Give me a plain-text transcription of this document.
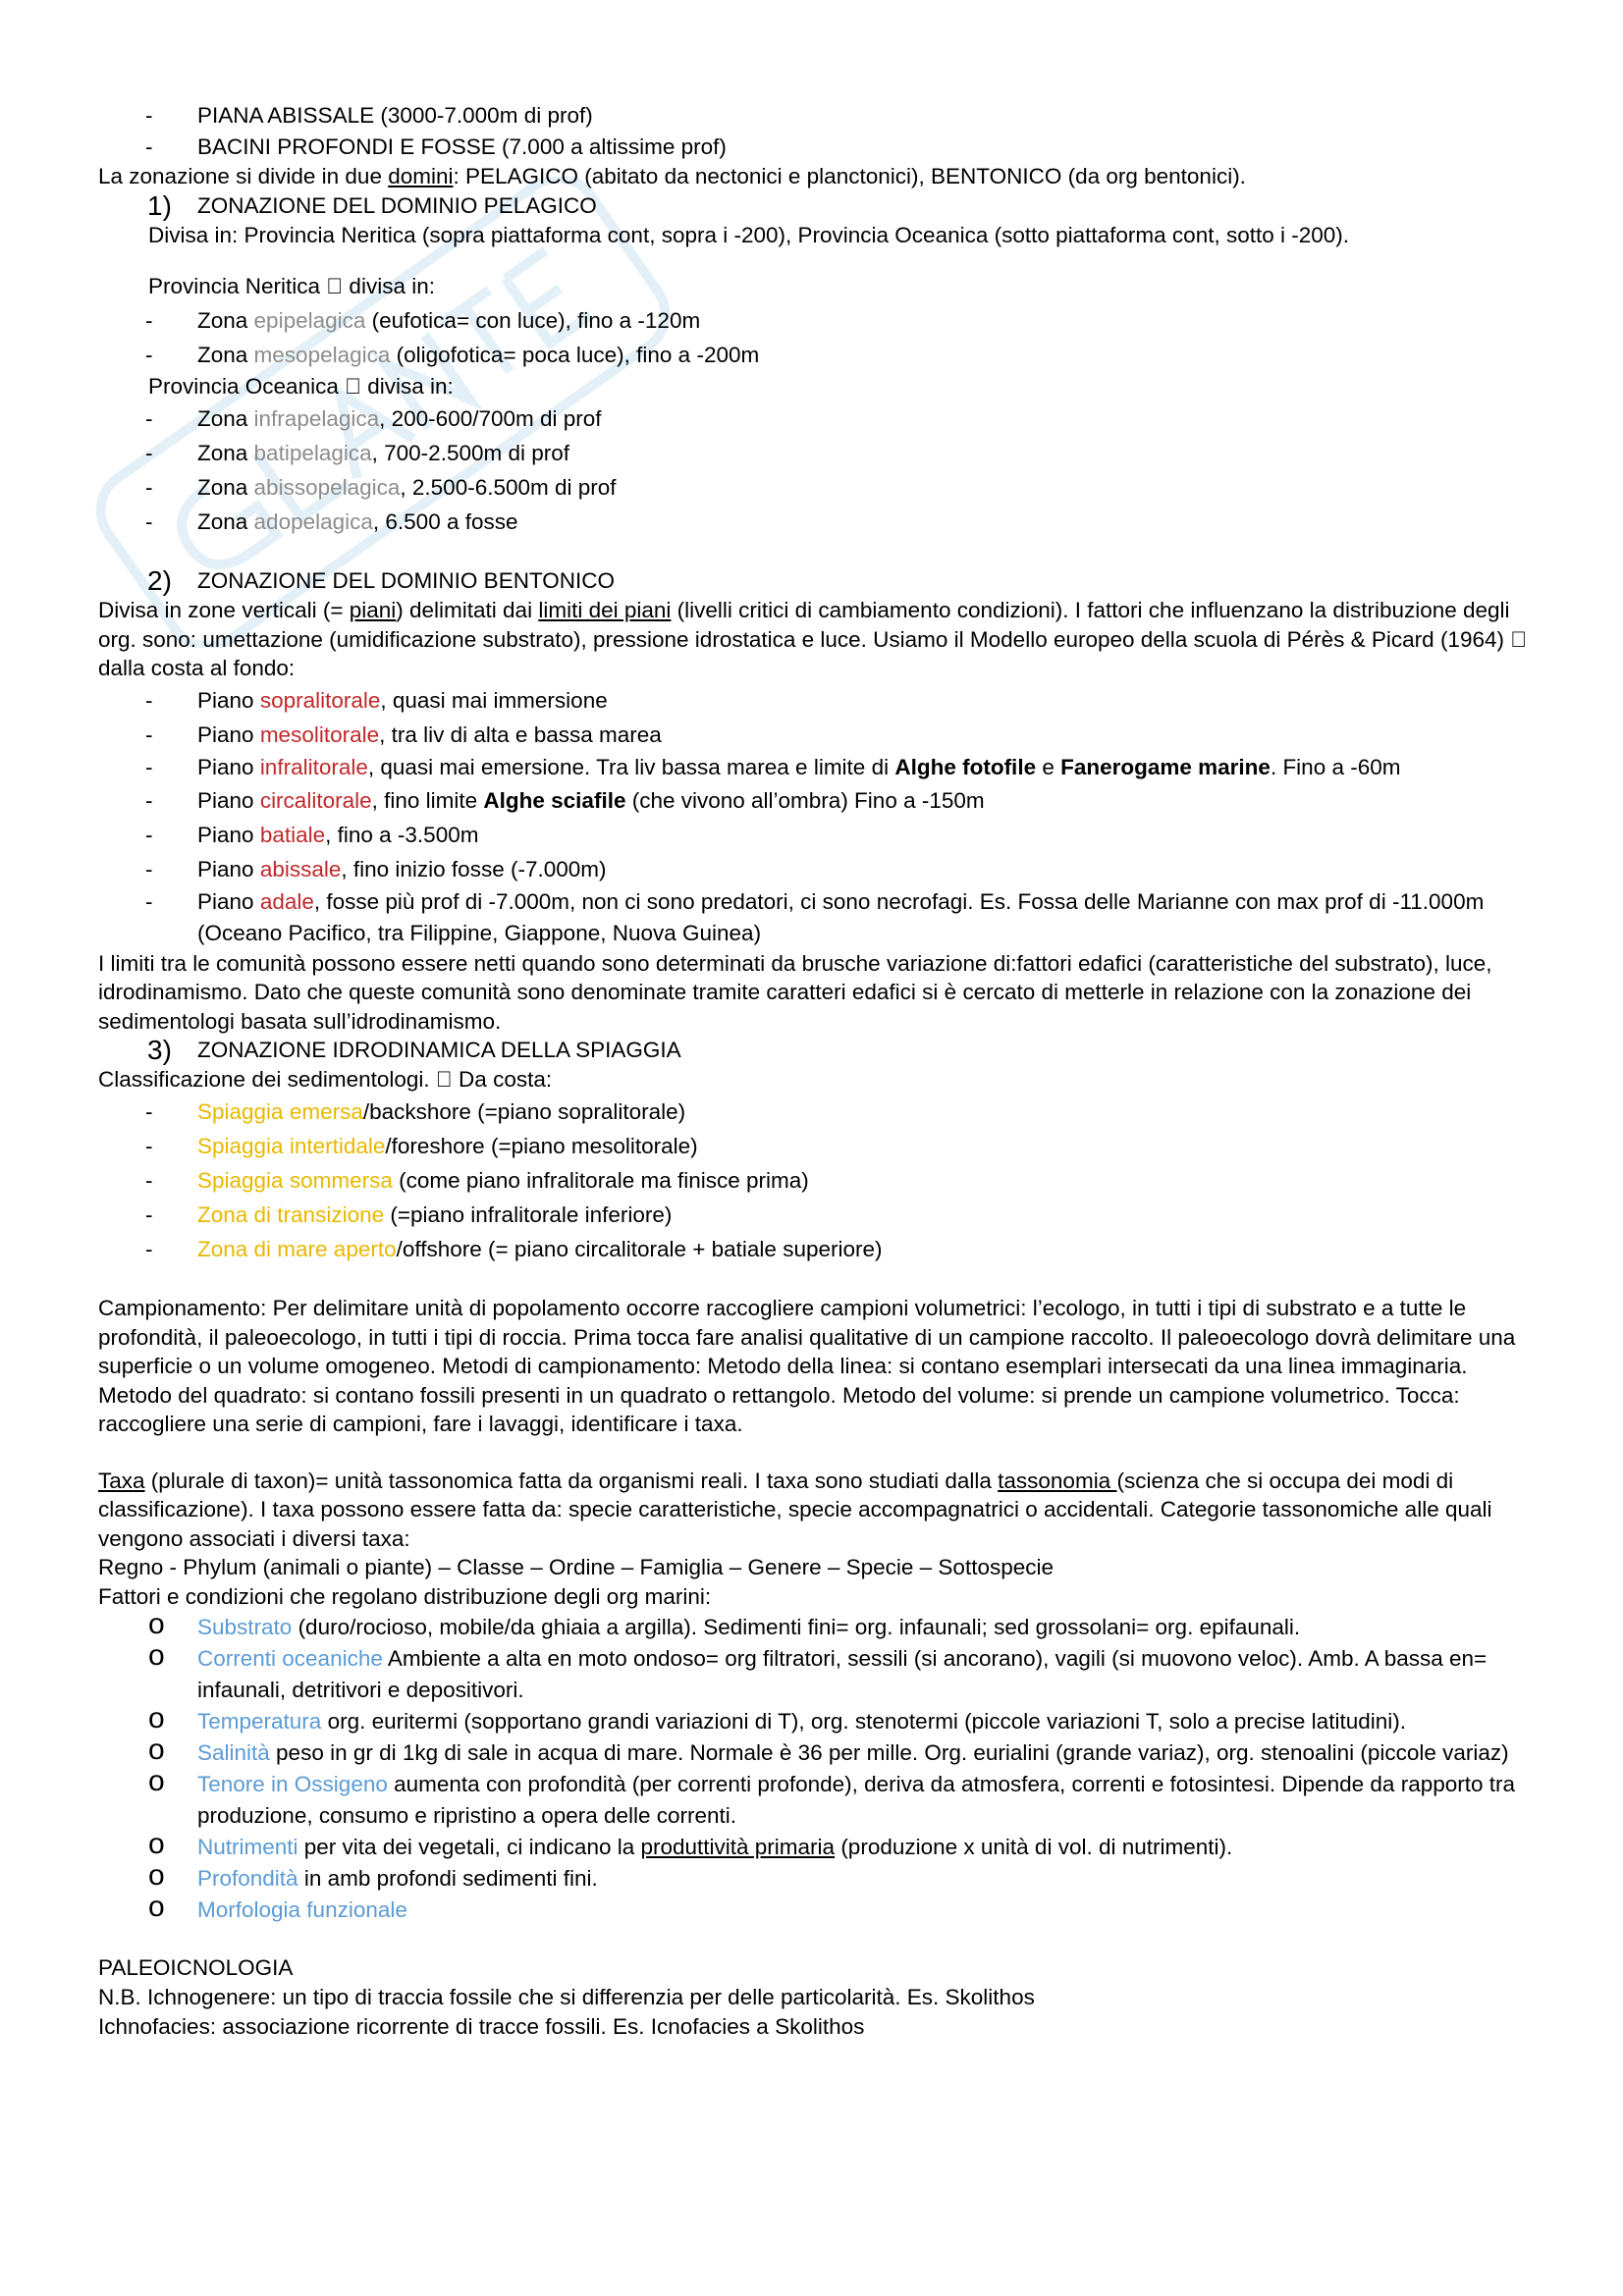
- PIANA ABISSALE (3000-7.000m di prof)
- BACINI PROFONDI E FOSSE (7.000 a altissime prof)
La zonazione si divide in due domini: PELAGICO (abitato da nectonici e planctonici), BENTONICO (da org bentonici).
1) ZONAZIONE DEL DOMINIO PELAGICO
Divisa in: Provincia Neritica (sopra piattaforma cont, sopra i -200), Provincia Oceanica (sotto piattaforma cont, sotto i -200).
Provincia Neritica divisa in:
- Zona epipelagica (eufotica= con luce), fino a -120m
- Zona mesopelagica (oligofotica= poca luce), fino a -200m
Provincia Oceanica divisa in:
- Zona infrapelagica, 200-600/700m di prof
- Zona batipelagica, 700-2.500m di prof
- Zona abissopelagica, 2.500-6.500m di prof
- Zona adopelagica, 6.500 a fosse
2) ZONAZIONE DEL DOMINIO BENTONICO
Divisa in zone verticali (= piani) delimitati dai limiti dei piani (livelli critici di cambiamento condizioni). I fattori che influenzano la distribuzione degli org. sono: umettazione (umidificazione substrato), pressione idrostatica e luce. Usiamo il Modello europeo della scuola di Pérès & Picard (1964) dalla costa al fondo:
- Piano sopralitorale, quasi mai immersione
- Piano mesolitorale, tra liv di alta e bassa marea
- Piano infralitorale, quasi mai emersione. Tra liv bassa marea e limite di Alghe fotofile e Fanerogame marine. Fino a -60m
- Piano circalitorale, fino limite Alghe sciafile (che vivono all’ombra) Fino a -150m
- Piano batiale, fino a -3.500m
- Piano abissale, fino inizio fosse (-7.000m)
- Piano adale, fosse più prof di -7.000m, non ci sono predatori, ci sono necrofagi. Es. Fossa delle Marianne con max prof di -11.000m (Oceano Pacifico, tra Filippine, Giappone, Nuova Guinea)
I limiti tra le comunità possono essere netti quando sono determinati da brusche variazione di:fattori edafici (caratteristiche del substrato), luce, idrodinamismo. Dato che queste comunità sono denominate tramite caratteri edafici si è cercato di metterle in relazione con la zonazione dei sedimentologi basata sull’idrodinamismo.
3) ZONAZIONE IDRODINAMICA DELLA SPIAGGIA
Classificazione dei sedimentologi. Da costa:
- Spiaggia emersa/backshore (=piano sopralitorale)
- Spiaggia intertidale/foreshore (=piano mesolitorale)
- Spiaggia sommersa (come piano infralitorale ma finisce prima)
- Zona di transizione (=piano infralitorale inferiore)
- Zona di mare aperto/offshore (= piano circalitorale + batiale superiore)
Campionamento: Per delimitare unità di popolamento occorre raccogliere campioni volumetrici: l’ecologo, in tutti i tipi di substrato e a tutte le profondità, il paleoecologo, in tutti i tipi di roccia. Prima tocca fare analisi qualitative di un campione raccolto. Il paleoecologo dovrà delimitare una superficie o un volume omogeneo. Metodi di campionamento: Metodo della linea: si contano esemplari intersecati da una linea immaginaria. Metodo del quadrato: si contano fossili presenti in un quadrato o rettangolo. Metodo del volume: si prende un campione volumetrico. Tocca: raccogliere una serie di campioni, fare i lavaggi, identificare i taxa.
Taxa (plurale di taxon)= unità tassonomica fatta da organismi reali. I taxa sono studiati dalla tassonomia (scienza che si occupa dei modi di classificazione). I taxa possono essere fatta da: specie caratteristiche, specie accompagnatrici o accidentali. Categorie tassonomiche alle quali vengono associati i diversi taxa:
Regno - Phylum (animali o piante) – Classe – Ordine – Famiglia – Genere – Specie – Sottospecie
Fattori e condizioni che regolano distribuzione degli org marini:
o Substrato (duro/rocioso, mobile/da ghiaia a argilla). Sedimenti fini= org. infaunali; sed grossolani= org. epifaunali.
o Correnti oceaniche Ambiente a alta en moto ondoso= org filtratori, sessili (si ancorano), vagili (si muovono veloc). Amb. A bassa en= infaunali, detritivori e depositivori.
o Temperatura org. euritermi (sopportano grandi variazioni di T), org. stenotermi (piccole variazioni T, solo a precise latitudini).
o Salinità peso in gr di 1kg di sale in acqua di mare. Normale è 36 per mille. Org. eurialini (grande variaz), org. stenoalini (piccole variaz)
o Tenore in Ossigeno aumenta con profondità (per correnti profonde), deriva da atmosfera, correnti e fotosintesi. Dipende da rapporto tra produzione, consumo e ripristino a opera delle correnti.
o Nutrimenti per vita dei vegetali, ci indicano la produttività primaria (produzione x unità di vol. di nutrimenti).
o Profondità in amb profondi sedimenti fini.
o Morfologia funzionale
PALEOICNOLOGIA
N.B. Ichnogenere: un tipo di traccia fossile che si differenzia per delle particolarità. Es. Skolithos
Ichnofacies: associazione ricorrente di tracce fossili. Es. Icnofacies a Skolithos
